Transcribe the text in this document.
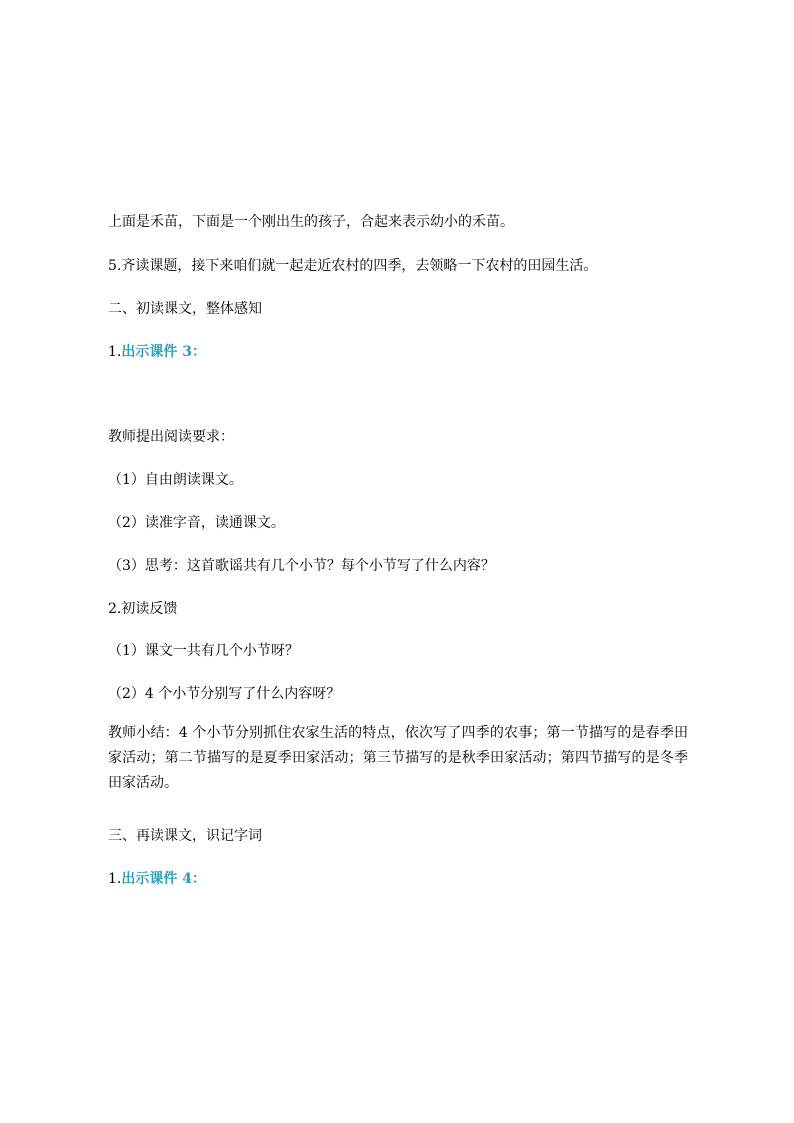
上面是禾苗，下面是一个刚出生的孩子，合起来表示幼小的禾苗。

5.齐读课题，接下来咱们就一起走近农村的四季，去领略一下农村的田园生活。

二、初读课文，整体感知

1.出示课件 3：

教师提出阅读要求：

（1）自由朗读课文。

（2）读准字音，读通课文。

（3）思考：这首歌谣共有几个小节？每个小节写了什么内容？

2.初读反馈

（1）课文一共有几个小节呀？

（2）4 个小节分别写了什么内容呀？

教师小结：4 个小节分别抓住农家生活的特点，依次写了四季的农事；第一节描写的是春季田家活动；第二节描写的是夏季田家活动；第三节描写的是秋季田家活动；第四节描写的是冬季田家活动。

三、再读课文，识记字词

1.出示课件 4：
